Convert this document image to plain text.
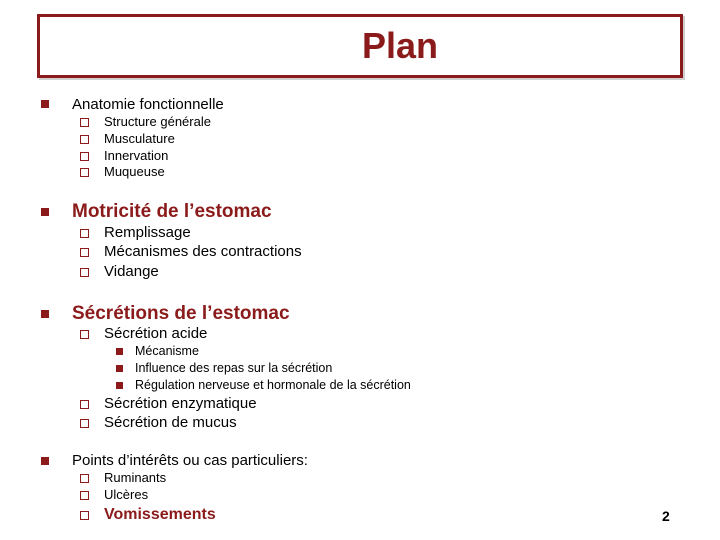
Plan
Anatomie fonctionnelle
Structure générale
Musculature
Innervation
Muqueuse
Motricité de l’estomac
Remplissage
Mécanismes des contractions
Vidange
Sécrétions de l’estomac
Sécrétion acide
Mécanisme
Influence des repas sur la sécrétion
Régulation nerveuse et hormonale de la sécrétion
Sécrétion enzymatique
Sécrétion de mucus
Points d’intérêts ou cas particuliers:
Ruminants
Ulcères
Vomissements	2
